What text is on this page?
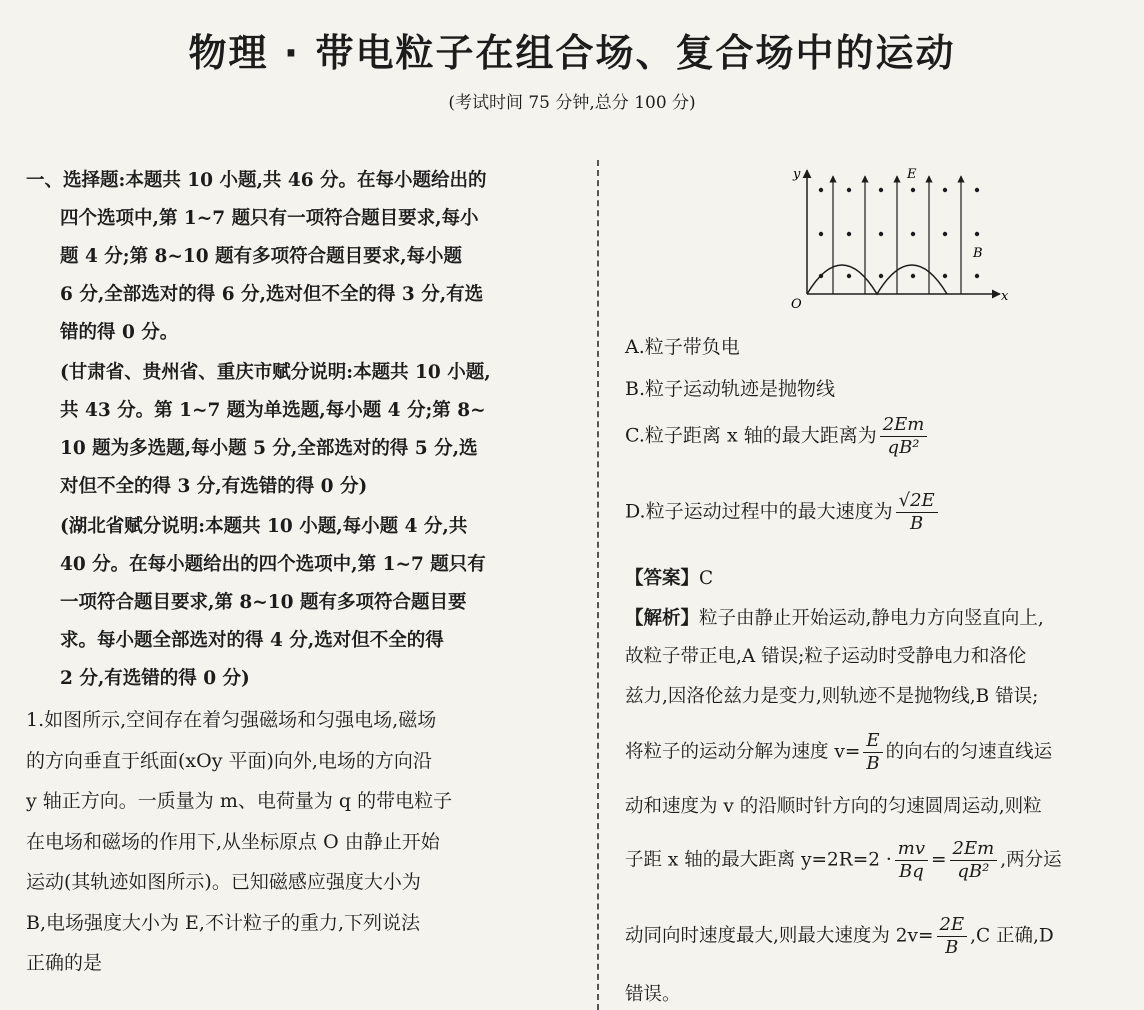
物理 · 带电粒子在组合场、复合场中的运动
(考试时间 75 分钟,总分 100 分)

一、选择题:本题共 10 小题,共 46 分。在每小题给出的

四个选项中,第 1~7 题只有一项符合题目要求,每小

题 4 分;第 8~10 题有多项符合题目要求,每小题

6 分,全部选对的得 6 分,选对但不全的得 3 分,有选

错的得 0 分。

(甘肃省、贵州省、重庆市赋分说明:本题共 10 小题,

共 43 分。第 1~7 题为单选题,每小题 4 分;第 8~

10 题为多选题,每小题 5 分,全部选对的得 5 分,选

对但不全的得 3 分,有选错的得 0 分)

(湖北省赋分说明:本题共 10 小题,每小题 4 分,共

40 分。在每小题给出的四个选项中,第 1~7 题只有

一项符合题目要求,第 8~10 题有多项符合题目要

求。每小题全部选对的得 4 分,选对但不全的得

2 分,有选错的得 0 分)

1.如图所示,空间存在着匀强磁场和匀强电场,磁场

的方向垂直于纸面(xOy 平面)向外,电场的方向沿

y 轴正方向。一质量为 m、电荷量为 q 的带电粒子

在电场和磁场的作用下,从坐标原点 O 由静止开始

运动(其轨迹如图所示)。已知磁感应强度大小为

B,电场强度大小为 E,不计粒子的重力,下列说法

正确的是

y
x
O
E
B
A.粒子带负电
B.粒子运动轨迹是抛物线
C.粒子距离 x 轴的最大距离为 $\frac{2Em}{\text{qB²}}$
D.粒子运动过程中的最大速度为 $\frac{√2E}{B}$
【答案】C
【解析】粒子由静止开始运动,静电力方向竖直向上,
故粒子带正电,A 错误;粒子运动时受静电力和洛伦
兹力,因洛伦兹力是变力,则轨迹不是抛物线,B 错误;
将粒子的运动分解为速度 $v= \frac{E}{B}$ 的向右的匀速直线运
动和速度为 v 的沿顺时针方向的匀速圆周运动,则粒
子距 x 轴的最大距离 $y=2R=2 \cdot \frac{mv}{Bq} = \frac{2Em}{\text{qB²}}$ ,两分运
动同向时速度最大,则最大速度为 $2v= \frac{2E}{B} ,C$ 正确,D
错误。
